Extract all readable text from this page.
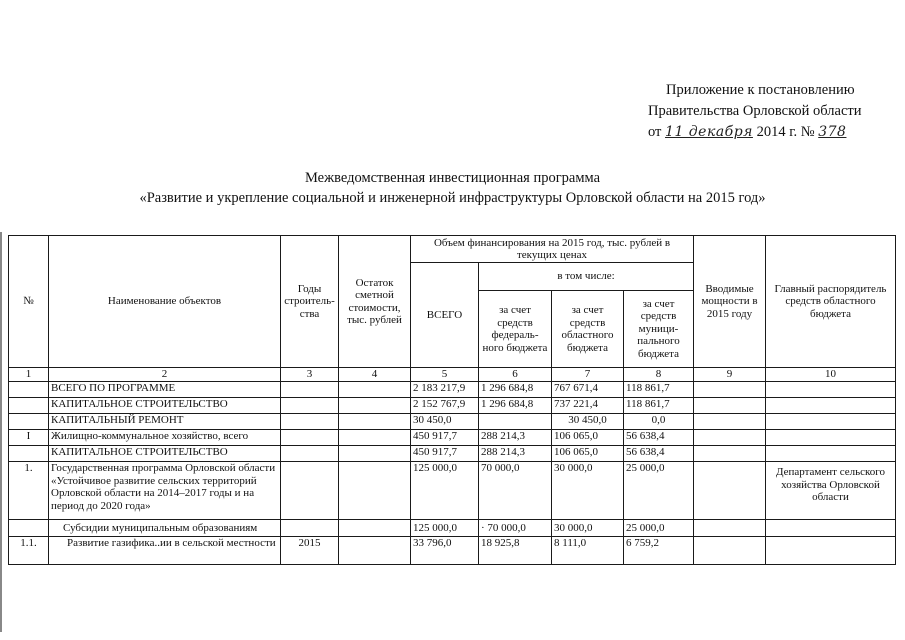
Приложение к постановлению
Правительства Орловской области
от 11 декабря 2014 г. № 378
Межведомственная инвестиционная программа
«Развитие и укрепление социальной и инженерной инфраструктуры Орловской области на 2015 год»
№	Наименование объектов	Годы строитель-ства	Остаток сметной стоимости, тыс. рублей	Объем финансирования на 2015 год, тыс. рублей в текущих ценах				Вводимые мощности в 2015 году	Главный распорядитель средств областного бюджета
				ВСЕГО	в том числе:				
					за счет средств федераль-ного бюджета	за счет средств областного бюджета	за счет средств муници-пального бюджета		
1	2	3	4	5	6	7	8	9	10
	ВСЕГО ПО ПРОГРАММЕ			2 183 217,9	1 296 684,8	767 671,4	118 861,7		
	КАПИТАЛЬНОЕ СТРОИТЕЛЬСТВО			2 152 767,9	1 296 684,8	737 221,4	118 861,7		
	КАПИТАЛЬНЫЙ РЕМОНТ			30 450,0		30 450,0	0,0		
I	Жилищно-коммунальное хозяйство, всего			450 917,7	288 214,3	106 065,0	56 638,4		
	КАПИТАЛЬНОЕ СТРОИТЕЛЬСТВО			450 917,7	288 214,3	106 065,0	56 638,4		
1.	Государственная программа Орловской области «Устойчивое развитие сельских территорий Орловской области на 2014–2017 годы и на период до 2020 года»			125 000,0	70 000,0	30 000,0	25 000,0		Департамент сельского хозяйства Орловской области
	Субсидии муниципальным образованиям			125 000,0	· 70 000,0	30 000,0	25 000,0		
1.1.	Развитие газифика..ии в сельской местности	2015		33 796,0	18 925,8	8 111,0	6 759,2		
